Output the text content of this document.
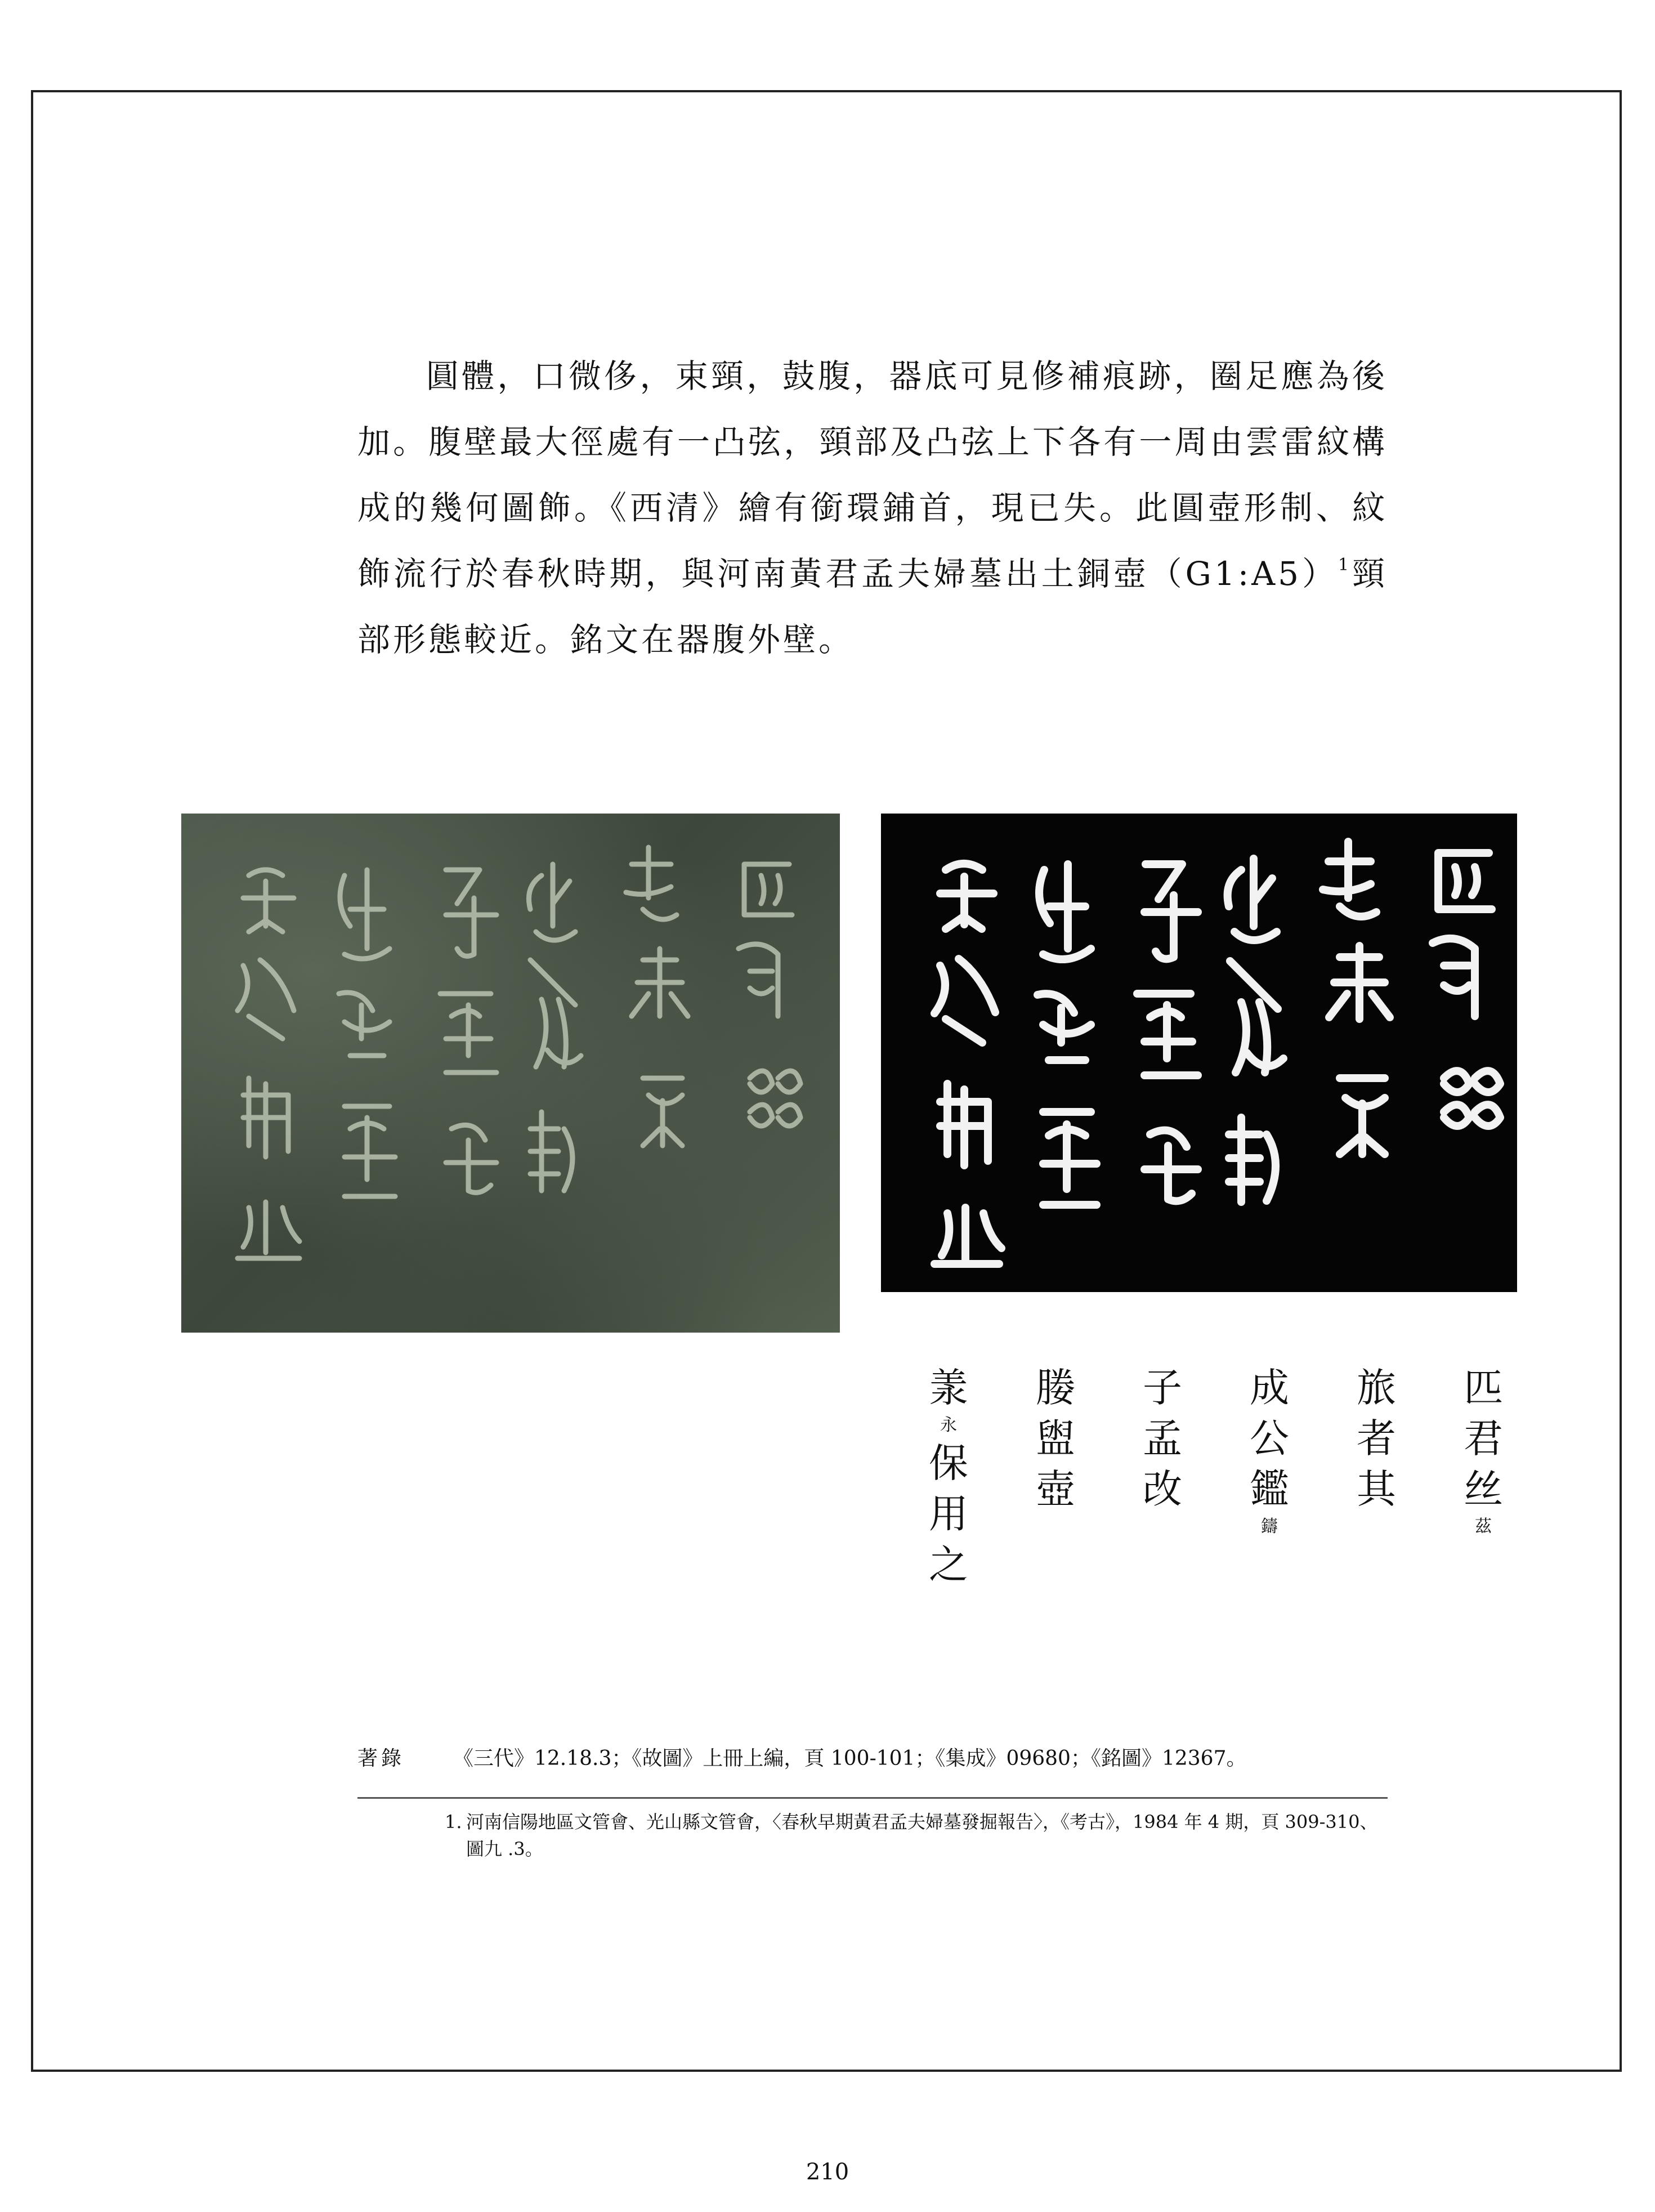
圓體，口微侈，束頸，鼓腹，器底可見修補痕跡，圈足應為後加。腹壁最大徑處有一凸弦，頸部及凸弦上下各有一周由雲雷紋構成的幾何圖飾。《西清》繪有銜環鋪首，現已失。此圓壺形制、紋飾流行於春秋時期，與河南黃君孟夫婦墓出土銅壺（G1:A5）$^1$頸部形態較近。銘文在器腹外壁。

匹
君
丝
茲
旅
者
其
成
公
鑑
鑄
子
孟
改
媵
盥
壺
羕
永
保
用
之
著錄 《三代》12.18.3；《故圖》上冊上編，頁 100-101；《集成》09680；《銘圖》12367。
1. 河南信陽地區文管會、光山縣文管會，〈春秋早期黃君孟夫婦墓發掘報告〉，《考古》，1984 年 4 期，頁 309-310、圖九 .3。
210
